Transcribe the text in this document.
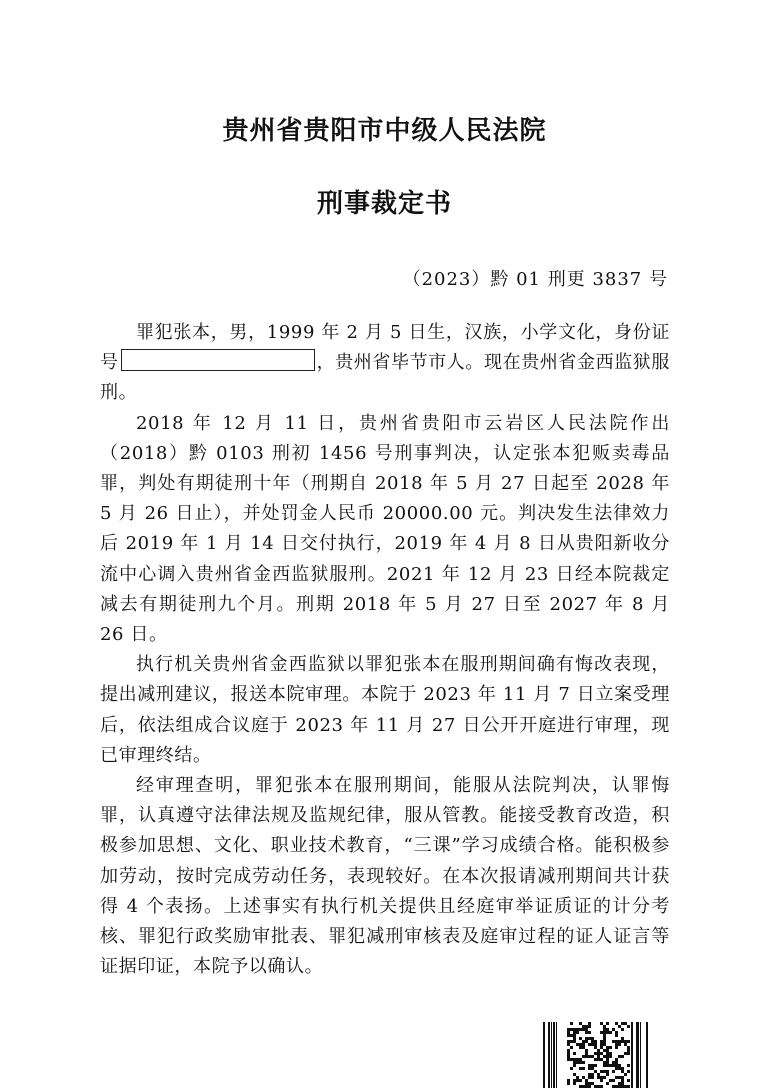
贵州省贵阳市中级人民法院
刑事裁定书

（2023）黔 01 刑更 3837 号

罪犯张本，男，1999 年 2 月 5 日生，汉族，小学文化，身份证号	，贵州省毕节市人。现在贵州省金西监狱服刑。

2018 年 12 月 11 日，贵州省贵阳市云岩区人民法院作出（2018）黔 0103 刑初 1456 号刑事判决，认定张本犯贩卖毒品罪，判处有期徒刑十年（刑期自 2018 年 5 月 27 日起至 2028 年 5 月 26 日止），并处罚金人民币 20000.00 元。判决发生法律效力后 2019 年 1 月 14 日交付执行，2019 年 4 月 8 日从贵阳新收分流中心调入贵州省金西监狱服刑。2021 年 12 月 23 日经本院裁定减去有期徒刑九个月。刑期 2018 年 5 月 27 日至 2027 年 8 月 26 日。

执行机关贵州省金西监狱以罪犯张本在服刑期间确有悔改表现，提出减刑建议，报送本院审理。本院于 2023 年 11 月 7 日立案受理后，依法组成合议庭于 2023 年 11 月 27 日公开开庭进行审理，现已审理终结。

经审理查明，罪犯张本在服刑期间，能服从法院判决，认罪悔罪，认真遵守法律法规及监规纪律，服从管教。能接受教育改造，积极参加思想、文化、职业技术教育，“三课”学习成绩合格。能积极参加劳动，按时完成劳动任务，表现较好。在本次报请减刑期间共计获得 4 个表扬。上述事实有执行机关提供且经庭审举证质证的计分考核、罪犯行政奖励审批表、罪犯减刑审核表及庭审过程的证人证言等证据印证，本院予以确认。
